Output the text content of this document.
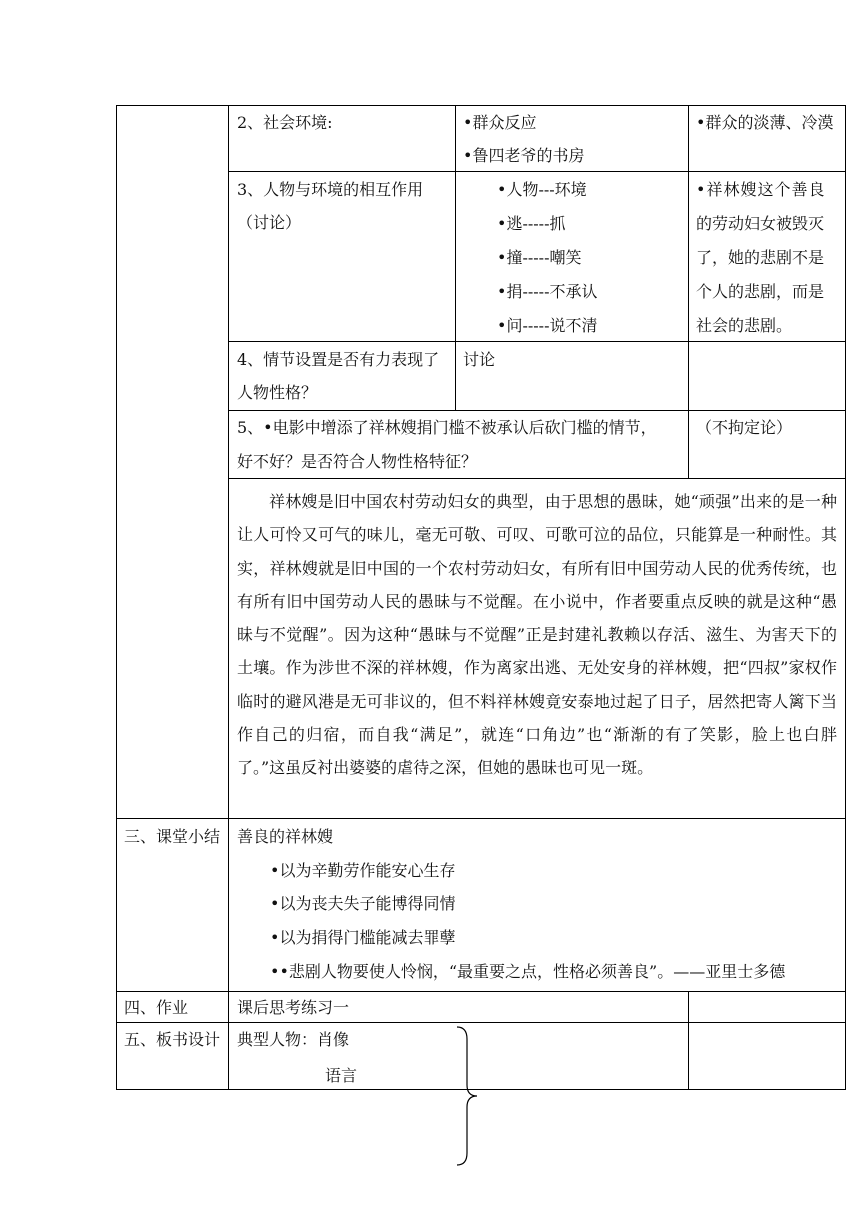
2、社会环境:	•群众反应
•鲁四老爷的书房
•群众的淡薄、冷漠
3、人物与环境的相互作用
（讨论）
•人物---环境
•逃-----抓
•撞-----嘲笑
•捐-----不承认
•问-----说不清
•祥林嫂这个善良
的劳动妇女被毁灭
了，她的悲剧不是
个人的悲剧，而是
社会的悲剧。
4、情节设置是否有力表现了
人物性格？
讨论
5、•电影中增添了祥林嫂捐门槛不被承认后砍门槛的情节，
好不好？是否符合人物性格特征？
（不拘定论）
祥林嫂是旧中国农村劳动妇女的典型，由于思想的愚昧，她“顽强”出来的是一种让人可怜又可气的味儿，毫无可敬、可叹、可歌可泣的品位，只能算是一种耐性。其实，祥林嫂就是旧中国的一个农村劳动妇女，有所有旧中国劳动人民的优秀传统，也有所有旧中国劳动人民的愚昧与不觉醒。在小说中，作者要重点反映的就是这种“愚昧与不觉醒”。因为这种“愚昧与不觉醒”正是封建礼教赖以存活、滋生、为害天下的土壤。作为涉世不深的祥林嫂，作为离家出逃、无处安身的祥林嫂，把“四叔”家权作临时的避风港是无可非议的，但不料祥林嫂竟安泰地过起了日子，居然把寄人篱下当作自己的归宿，而自我“满足”，就连“口角边”也“渐渐的有了笑影，脸上也白胖了。”这虽反衬出婆婆的虐待之深，但她的愚昧也可见一斑。
三、课堂小结 善良的祥林嫂
•以为辛勤劳作能安心生存
•以为丧夫失子能博得同情
•以为捐得门槛能减去罪孽
••悲剧人物要使人怜悯，“最重要之点，性格必须善良”。——亚里士多德
四、作业	课后思考练习一
五、板书设计 典型人物：肖像
语言
